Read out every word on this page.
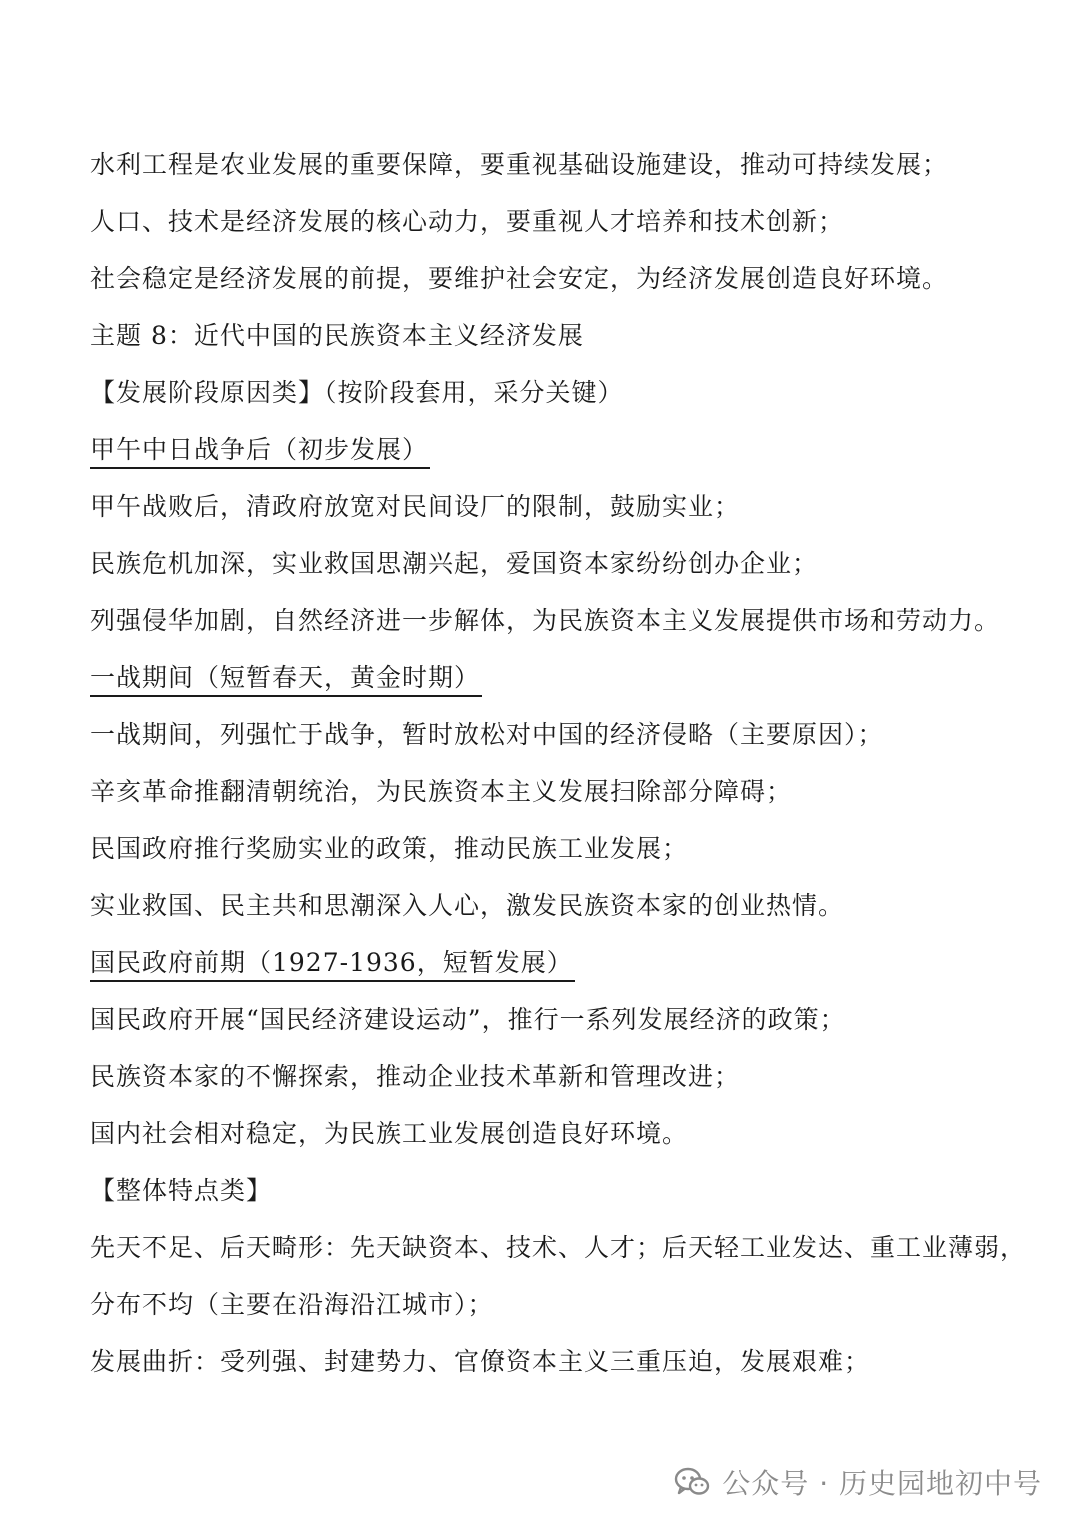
水利工程是农业发展的重要保障，要重视基础设施建设，推动可持续发展；
人口、技术是经济发展的核心动力，要重视人才培养和技术创新；
社会稳定是经济发展的前提，要维护社会安定，为经济发展创造良好环境。
主题 8：近代中国的民族资本主义经济发展
【发展阶段原因类】（按阶段套用，采分关键）
甲午中日战争后（初步发展）
甲午战败后，清政府放宽对民间设厂的限制，鼓励实业；
民族危机加深，实业救国思潮兴起，爱国资本家纷纷创办企业；
列强侵华加剧，自然经济进一步解体，为民族资本主义发展提供市场和劳动力。
一战期间（短暂春天，黄金时期）
一战期间，列强忙于战争，暂时放松对中国的经济侵略（主要原因）；
辛亥革命推翻清朝统治，为民族资本主义发展扫除部分障碍；
民国政府推行奖励实业的政策，推动民族工业发展；
实业救国、民主共和思潮深入人心，激发民族资本家的创业热情。
国民政府前期（1927-1936，短暂发展）
国民政府开展“国民经济建设运动”，推行一系列发展经济的政策；
民族资本家的不懈探索，推动企业技术革新和管理改进；
国内社会相对稳定，为民族工业发展创造良好环境。
【整体特点类】
先天不足、后天畸形：先天缺资本、技术、人才；后天轻工业发达、重工业薄弱，
分布不均（主要在沿海沿江城市）；
发展曲折：受列强、封建势力、官僚资本主义三重压迫，发展艰难；
公众号 · 历史园地初中号
